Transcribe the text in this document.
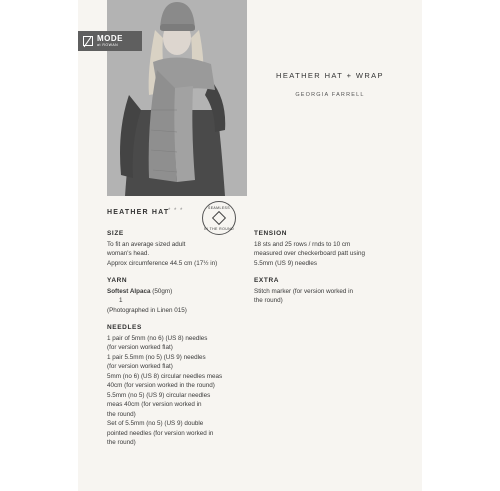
MODE
at ROWAN
HEATHER HAT + WRAP
GEORGIA FARRELL
HEATHER HAT
* * *	SEAMLESS
IN THE ROUND
SIZE
To fit an average sized adult
woman's head.
Approx circumference 44.5 cm (17½ in)
YARN
Softest Alpaca (50gm)
1
(Photographed in Linen 015)
NEEDLES
1 pair of 5mm (no 6) (US 8) needles
(for version worked flat)
1 pair 5.5mm (no 5) (US 9) needles
(for version worked flat)
5mm (no 6) (US 8) circular needles meas
40cm (for version worked in the round)
5.5mm (no 5) (US 9) circular needles
meas 40cm (for version worked in
the round)
Set of 5.5mm (no 5) (US 9) double
pointed needles (for version worked in
the round)
TENSION
18 sts and 25 rows / rnds to 10 cm
measured over checkerboard patt using
5.5mm (US 9) needles
EXTRA
Stitch marker (for version worked in
the round)
